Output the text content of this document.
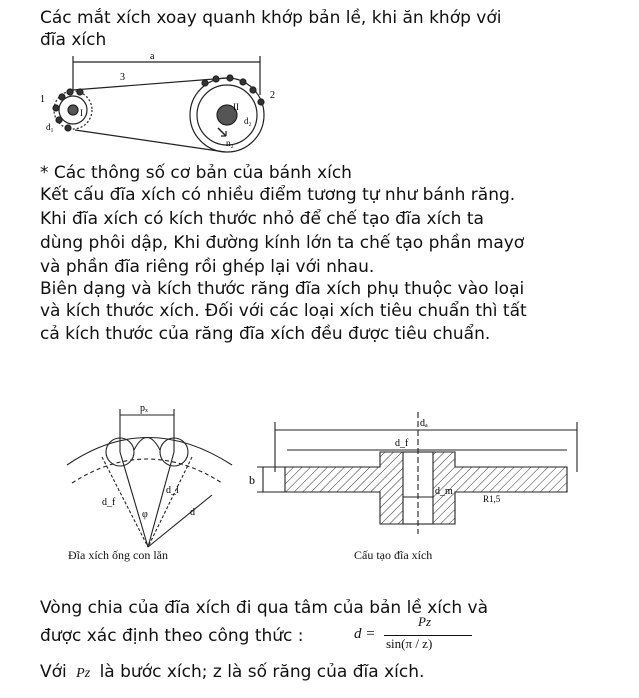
Các mắt xích xoay quanh khớp bản lề, khi ăn khớp với
đĩa xích
a
1	2
3
I
II
d₁
d₂
n₂
* Các thông số cơ bản của bánh xích
Kết cấu đĩa xích có nhiều điểm tương tự như bánh răng.
Khi đĩa xích có kích thước nhỏ để chế tạo đĩa xích ta
dùng phôi dập, Khi đường kính lớn ta chế tạo phần mayơ
và phần đĩa riêng rồi ghép lại với nhau.
Biên dạng và kích thước răng đĩa xích phụ thuộc vào loại
và kích thước xích. Đối với các loại xích tiêu chuẩn thì tất
cả kích thước của răng đĩa xích đều được tiêu chuẩn.
pₓ
d_f
d_l
d
φ
Đĩa xích ống con lăn
dₐ
d_f
d_m
b
R1,5
Cấu tạo đĩa xích
Vòng chia của đĩa xích đi qua tâm của bản lề xích và
được xác định theo công thức :	d =
Pz
sin(π / z)
Với Pz là bước xích; z là số răng của đĩa xích.
